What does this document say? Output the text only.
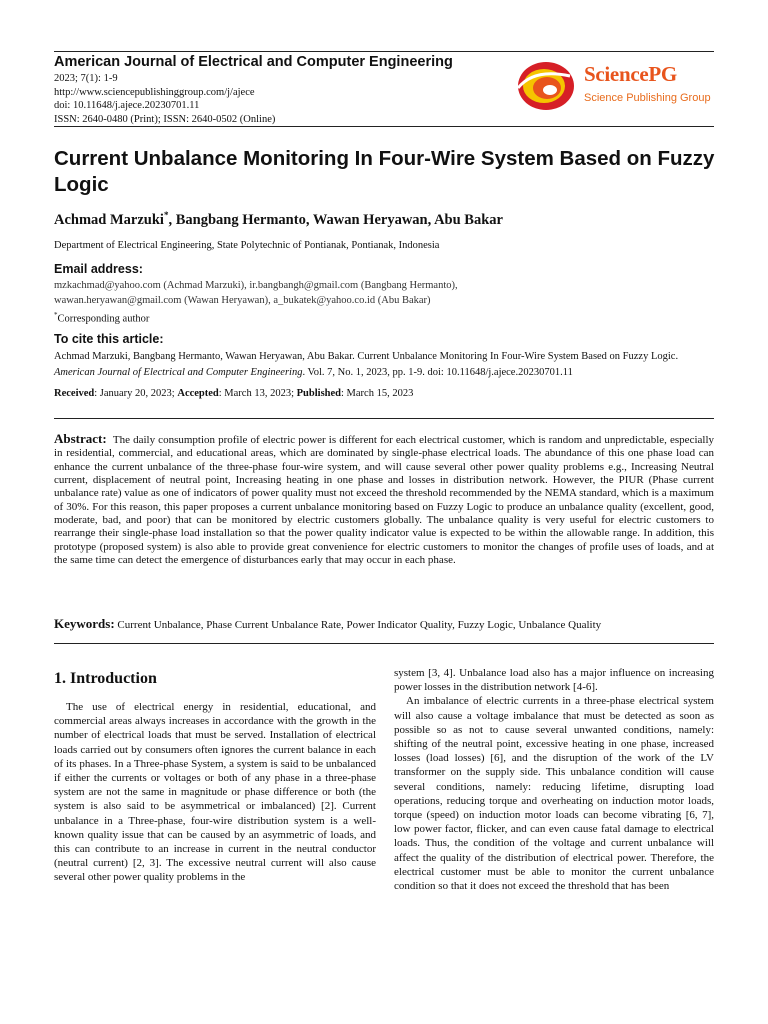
American Journal of Electrical and Computer Engineering
2023; 7(1): 1-9
http://www.sciencepublishinggroup.com/j/ajece
doi: 10.11648/j.ajece.20230701.11
ISSN: 2640-0480 (Print); ISSN: 2640-0502 (Online)
SciencePG
Science Publishing Group
Current Unbalance Monitoring In Four-Wire System Based on Fuzzy Logic
Achmad Marzuki*, Bangbang Hermanto, Wawan Heryawan, Abu Bakar
Department of Electrical Engineering, State Polytechnic of Pontianak, Pontianak, Indonesia
Email address:
mzkachmad@yahoo.com (Achmad Marzuki), ir.bangbangh@gmail.com (Bangbang Hermanto),
wawan.heryawan@gmail.com (Wawan Heryawan), a_bukatek@yahoo.co.id (Abu Bakar)
*Corresponding author
To cite this article:
Achmad Marzuki, Bangbang Hermanto, Wawan Heryawan, Abu Bakar. Current Unbalance Monitoring In Four-Wire System Based on Fuzzy Logic. American Journal of Electrical and Computer Engineering. Vol. 7, No. 1, 2023, pp. 1-9. doi: 10.11648/j.ajece.20230701.11
Received: January 20, 2023; Accepted: March 13, 2023; Published: March 15, 2023
Abstract: The daily consumption profile of electric power is different for each electrical customer, which is random and unpredictable, especially in residential, commercial, and educational areas, which are dominated by single-phase electrical loads. The abundance of this one phase load can enhance the current unbalance of the three-phase four-wire system, and will cause several other power quality problems e.g., Increasing Neutral current, displacement of neutral point, Increasing heating in one phase and losses in distribution network. However, the PIUR (Phase current unbalance rate) value as one of indicators of power quality must not exceed the threshold recommended by the NEMA standard, which is a maximum of 30%. For this reason, this paper proposes a current unbalance monitoring based on Fuzzy Logic to produce an unbalance quality (excellent, good, moderate, bad, and poor) that can be monitored by electric customers globally. The unbalance quality is very useful for electric customers to rearrange their single-phase load installation so that the power quality indicator value is expected to be within the allowable range. In addition, this prototype (proposed system) is also able to provide great convenience for electric customers to monitor the changes of profile uses of loads, and at the same time can detect the emergence of disturbances early that may occur in each phase.
Keywords: Current Unbalance, Phase Current Unbalance Rate, Power Indicator Quality, Fuzzy Logic, Unbalance Quality
1. Introduction

The use of electrical energy in residential, educational, and commercial areas always increases in accordance with the growth in the number of electrical loads that must be served. Installation of electrical loads carried out by consumers often ignores the current balance in each of its phases. In a Three-phase System, a system is said to be unbalanced if either the currents or voltages or both of any phase in a three-phase system are not the same in magnitude or phase difference or both (the system is also said to be asymmetrical or imbalanced) [2]. Current unbalance in a Three-phase, four-wire distribution system is a well-known quality issue that can be caused by an asymmetric of loads, and this can contribute to an increase in current in the neutral conductor (neutral current) [2, 3]. The excessive neutral current will also cause several other power quality problems in the

system [3, 4]. Unbalance load also has a major influence on increasing power losses in the distribution network [4-6].

An imbalance of electric currents in a three-phase electrical system will also cause a voltage imbalance that must be detected as soon as possible so as not to cause several unwanted conditions, namely: shifting of the neutral point, excessive heating in one phase, increased losses (load losses) [6], and the disruption of the work of the LV transformer on the supply side. This unbalance condition will cause several conditions, namely: reducing lifetime, disrupting load operations, reducing torque and overheating on induction motor loads, torque (speed) on induction motor loads can become vibrating [6, 7], low power factor, flicker, and can even cause fatal damage to electrical loads. Thus, the condition of the voltage and current unbalance will affect the quality of the distribution of electrical power. Therefore, the electrical customer must be able to monitor the current unbalance condition so that it does not exceed the threshold that has been
